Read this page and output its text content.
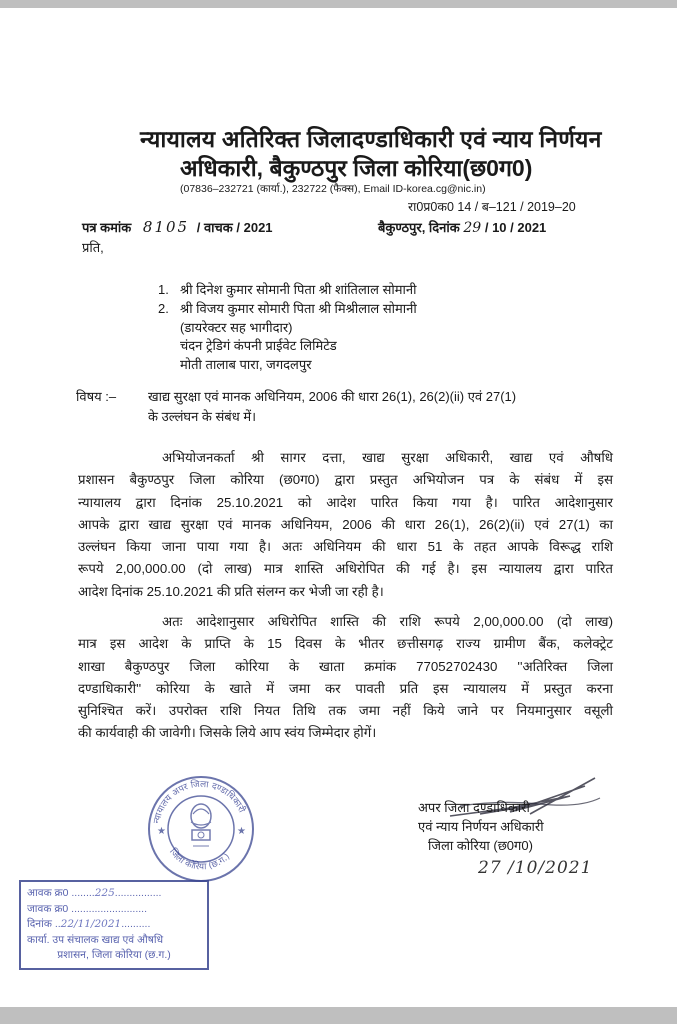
न्यायालय अतिरिक्त जिलादण्डाधिकारी एवं न्याय निर्णयन
अधिकारी, बैकुण्ठपुर जिला कोरिया(छ0ग0)
(07836–232721 (कार्या.), 232722 (फैक्स), Email ID-korea.cg@nic.in)
रा0प्र0क0 14 / ब–121 / 2019–20
पत्र कमांक 8105 / वाचक / 2021	बैकुण्ठपुर, दिनांक 29 / 10 / 2021
प्रति,
1. श्री दिनेश कुमार सोमानी पिता श्री शांतिलाल सोमानी
2. श्री विजय कुमार सोमारी पिता श्री मिश्रीलाल सोमानी
(डायरेक्टर सह भागीदार)
चंदन ट्रेडिगं कंपनी प्राईवेट लिमिटेड
मोती तालाब पारा, जगदलपुर
विषय :– खाद्य सुरक्षा एवं मानक अधिनियम, 2006 की धारा 26(1), 26(2)(ii) एवं 27(1)
के उल्लंघन के संबंध में।
अभियोजनकर्ता श्री सागर दत्ता, खाद्य सुरक्षा अधिकारी, खाद्य एवं औषधि
प्रशासन बैकुण्ठपुर जिला कोरिया (छ0ग0) द्वारा प्रस्तुत अभियोजन पत्र के संबंध में इस
न्यायालय द्वारा दिनांक 25.10.2021 को आदेश पारित किया गया है। पारित आदेशानुसार
आपके द्वारा खाद्य सुरक्षा एवं मानक अधिनियम, 2006 की धारा 26(1), 26(2)(ii) एवं 27(1) का
उल्लंघन किया जाना पाया गया है। अतः अधिनियम की धारा 51 के तहत आपके विरूद्ध राशि
रूपये 2,00,000.00 (दो लाख) मात्र शास्ति अधिरोपित की गई है। इस न्यायालय द्वारा पारित
आदेश दिनांक 25.10.2021 की प्रति संलग्न कर भेजी जा रही है।
अतः आदेशानुसार अधिरोपित शास्ति की राशि रूपये 2,00,000.00 (दो लाख)
मात्र इस आदेश के प्राप्ति के 15 दिवस के भीतर छत्तीसगढ़ राज्य ग्रामीण बैंक, कलेक्ट्रेट
शाखा बैकुण्ठपुर जिला कोरिया के खाता क्रमांक 77052702430 ''अतिरिक्त जिला
दण्डाधिकारी'' कोरिया के खाते में जमा कर पावती प्रति इस न्यायालय में प्रस्तुत करना
सुनिश्चित करें। उपरोक्त राशि नियत तिथि तक जमा नहीं किये जाने पर नियमानुसार वसूली
की कार्यवाही की जावेगी। जिसके लिये आप स्वंय जिम्मेदार होगें।
न्यायालय अपर जिला दण्डाधिकारी
जिला कोरिया (छ.ग.)
★	★
आवक क्र0 ........225................
जावक क्र0 ..........................
दिनांक ..22/11/2021..........
कार्या. उप संचालक खाद्य एवं औषधि
प्रशासन, जिला कोरिया (छ.ग.)
अपर जिला दण्डाधिकारी
एवं न्याय निर्णयन अधिकारी
जिला कोरिया (छ0ग0)
27 /10/2021
